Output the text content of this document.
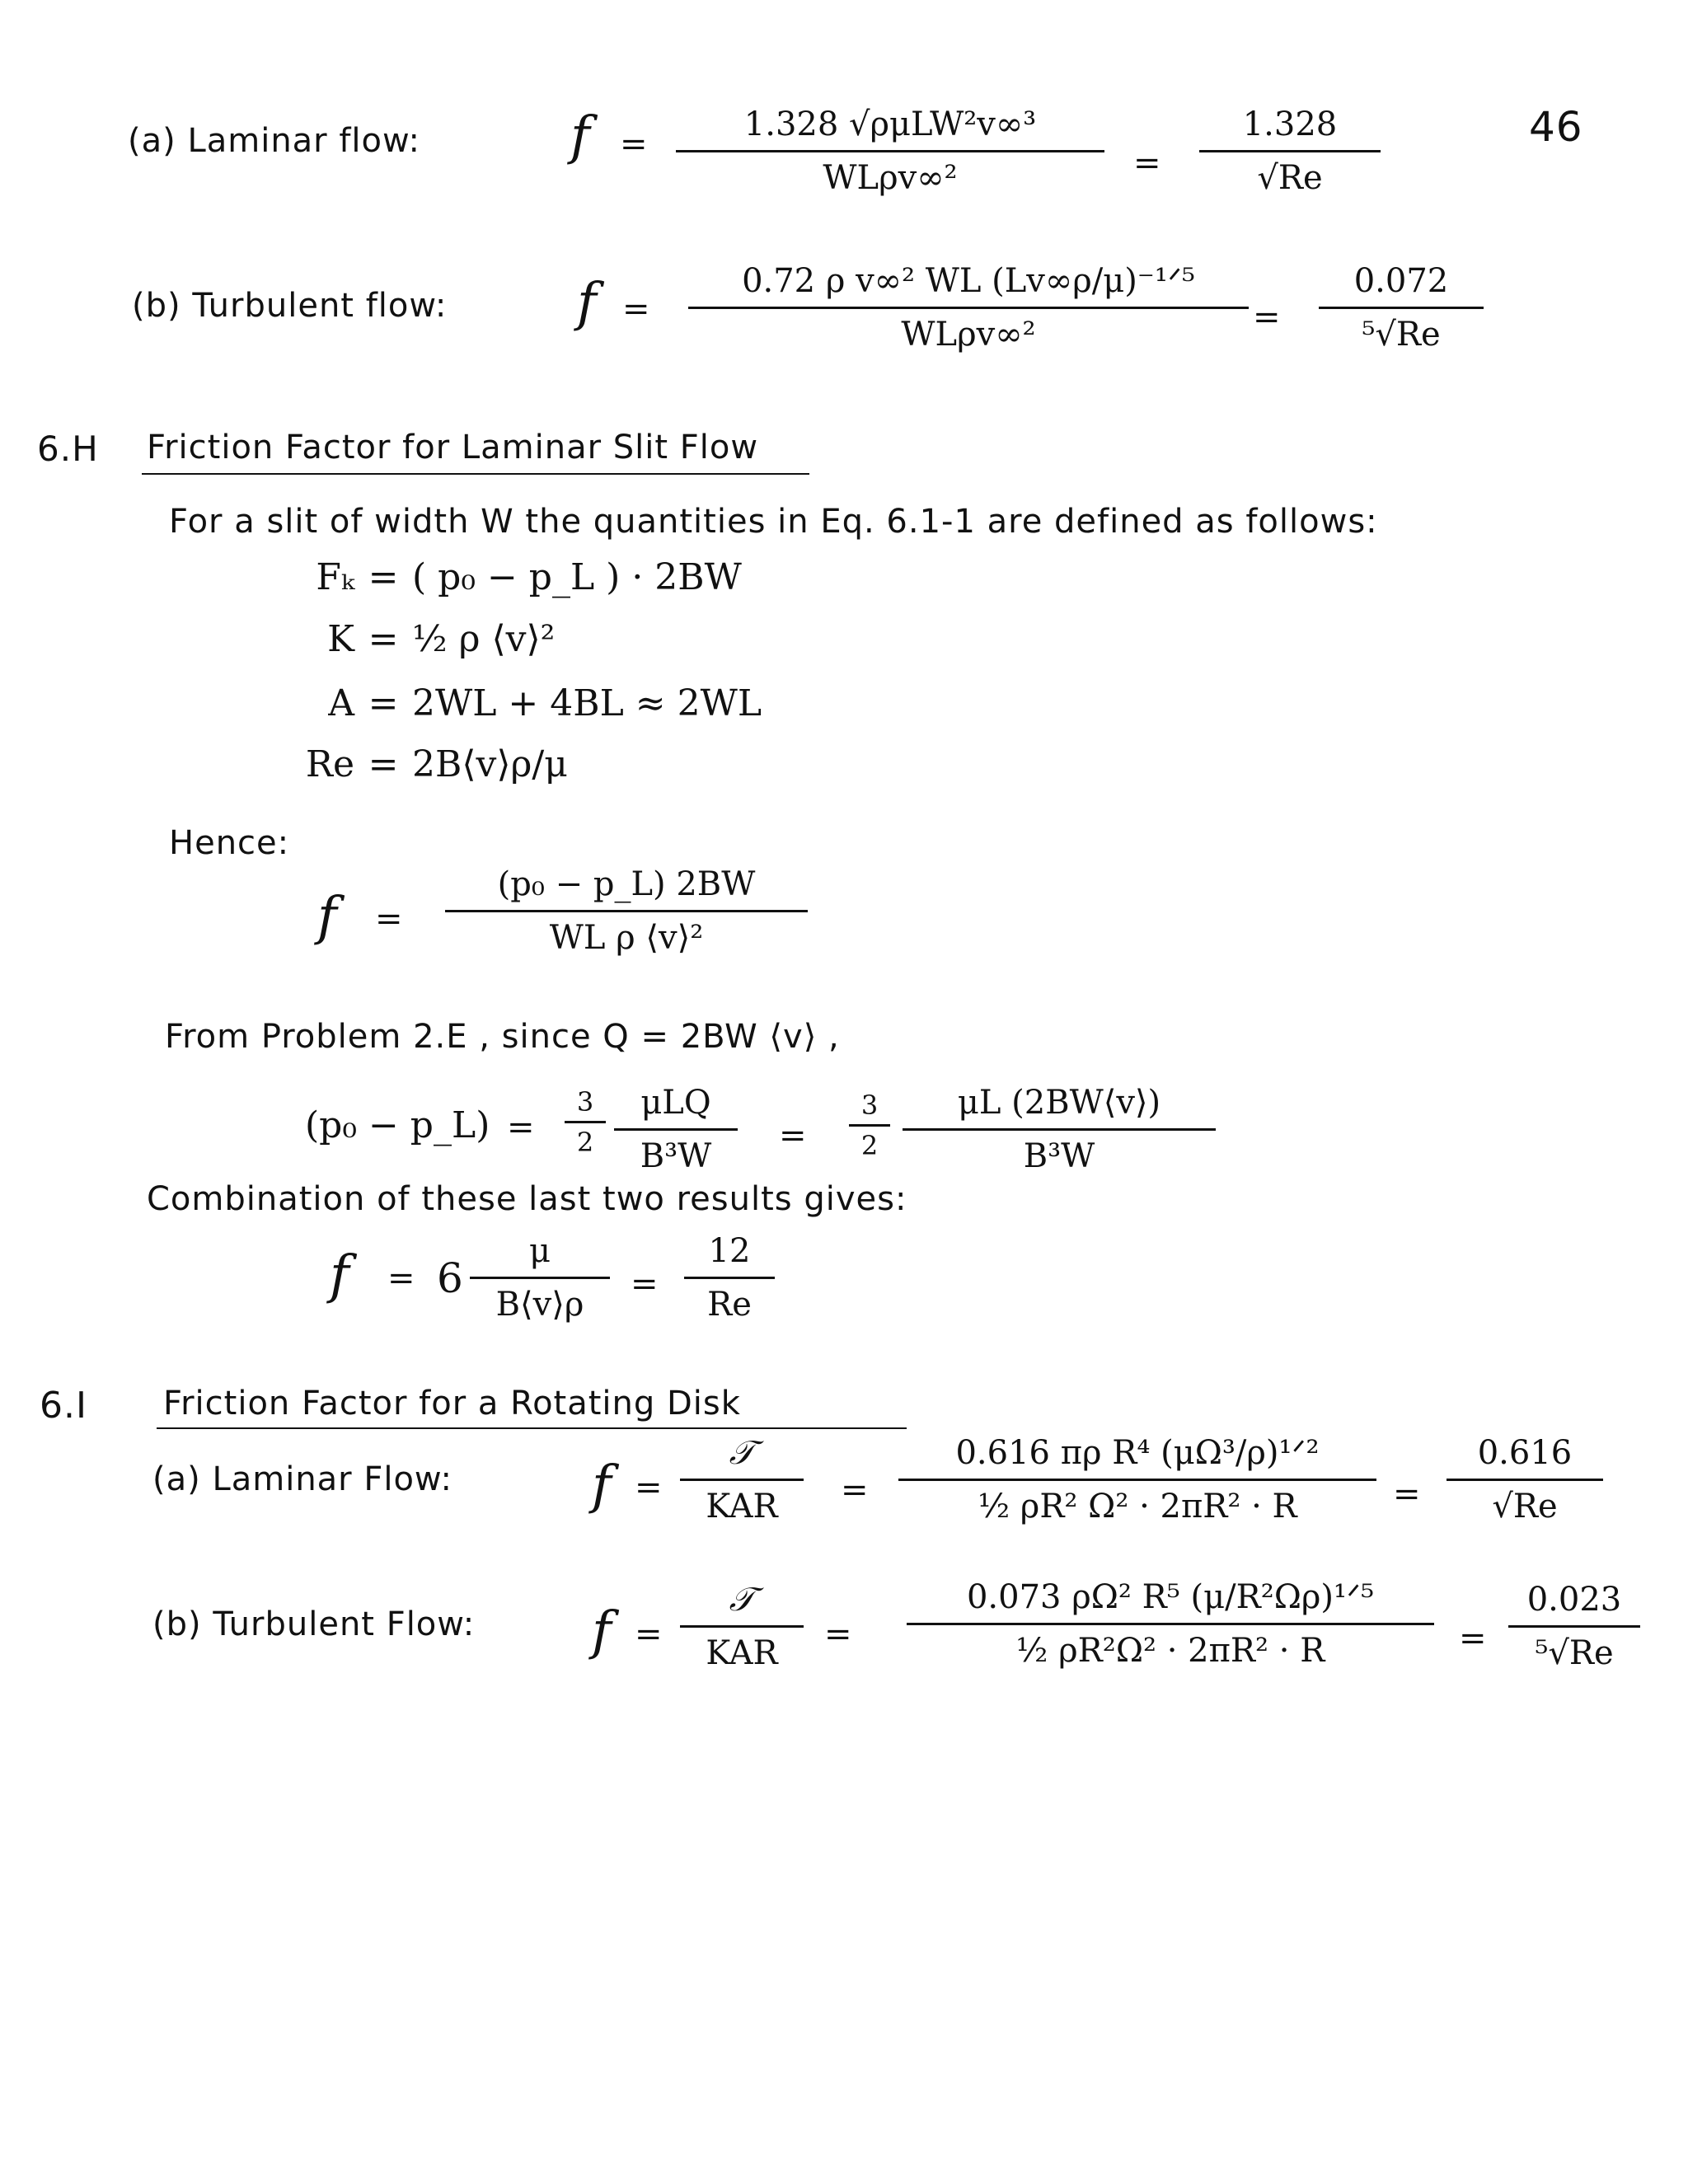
46
(a) Laminar flow:	f =
1.328 √ρμLW²v∞³
WLρv∞²	=
1.328
√Re
(b) Turbulent flow: f =
0.72 ρ v∞² WL (Lv∞ρ/μ)⁻¹ᐟ⁵
WLρv∞²	=
0.072
⁵√Re
6.H Friction Factor for Laminar Slit Flow
For a slit of width W the quantities in Eq. 6.1-1 are defined as follows:
Fₖ = ( p₀ − p_L ) · 2BW
K = ½ ρ ⟨v⟩²
A = 2WL + 4BL ≈ 2WL
Re = 2B⟨v⟩ρ/μ
Hence:
f =
(p₀ − p_L) 2BW
WL ρ ⟨v⟩²
From Problem 2.E , since Q = 2BW ⟨v⟩ ,
(p₀ − p_L) =
3
2
μLQ
B³W
=
3
2
μL (2BW⟨v⟩)
B³W
Combination of these last two results gives:
f = 6
μ
B⟨v⟩ρ
=
12
Re
6.I Friction Factor for a Rotating Disk
(a) Laminar Flow:	f =
𝒯
KAR =
0.616 πρ R⁴ (μΩ³/ρ)¹ᐟ²
½ ρR² Ω² · 2πR² · R	=
0.616
√Re
(b) Turbulent Flow: f =
𝒯
KAR =
0.073 ρΩ² R⁵ (μ/R²Ωρ)¹ᐟ⁵
½ ρR²Ω² · 2πR² · R	=
0.023
⁵√Re
